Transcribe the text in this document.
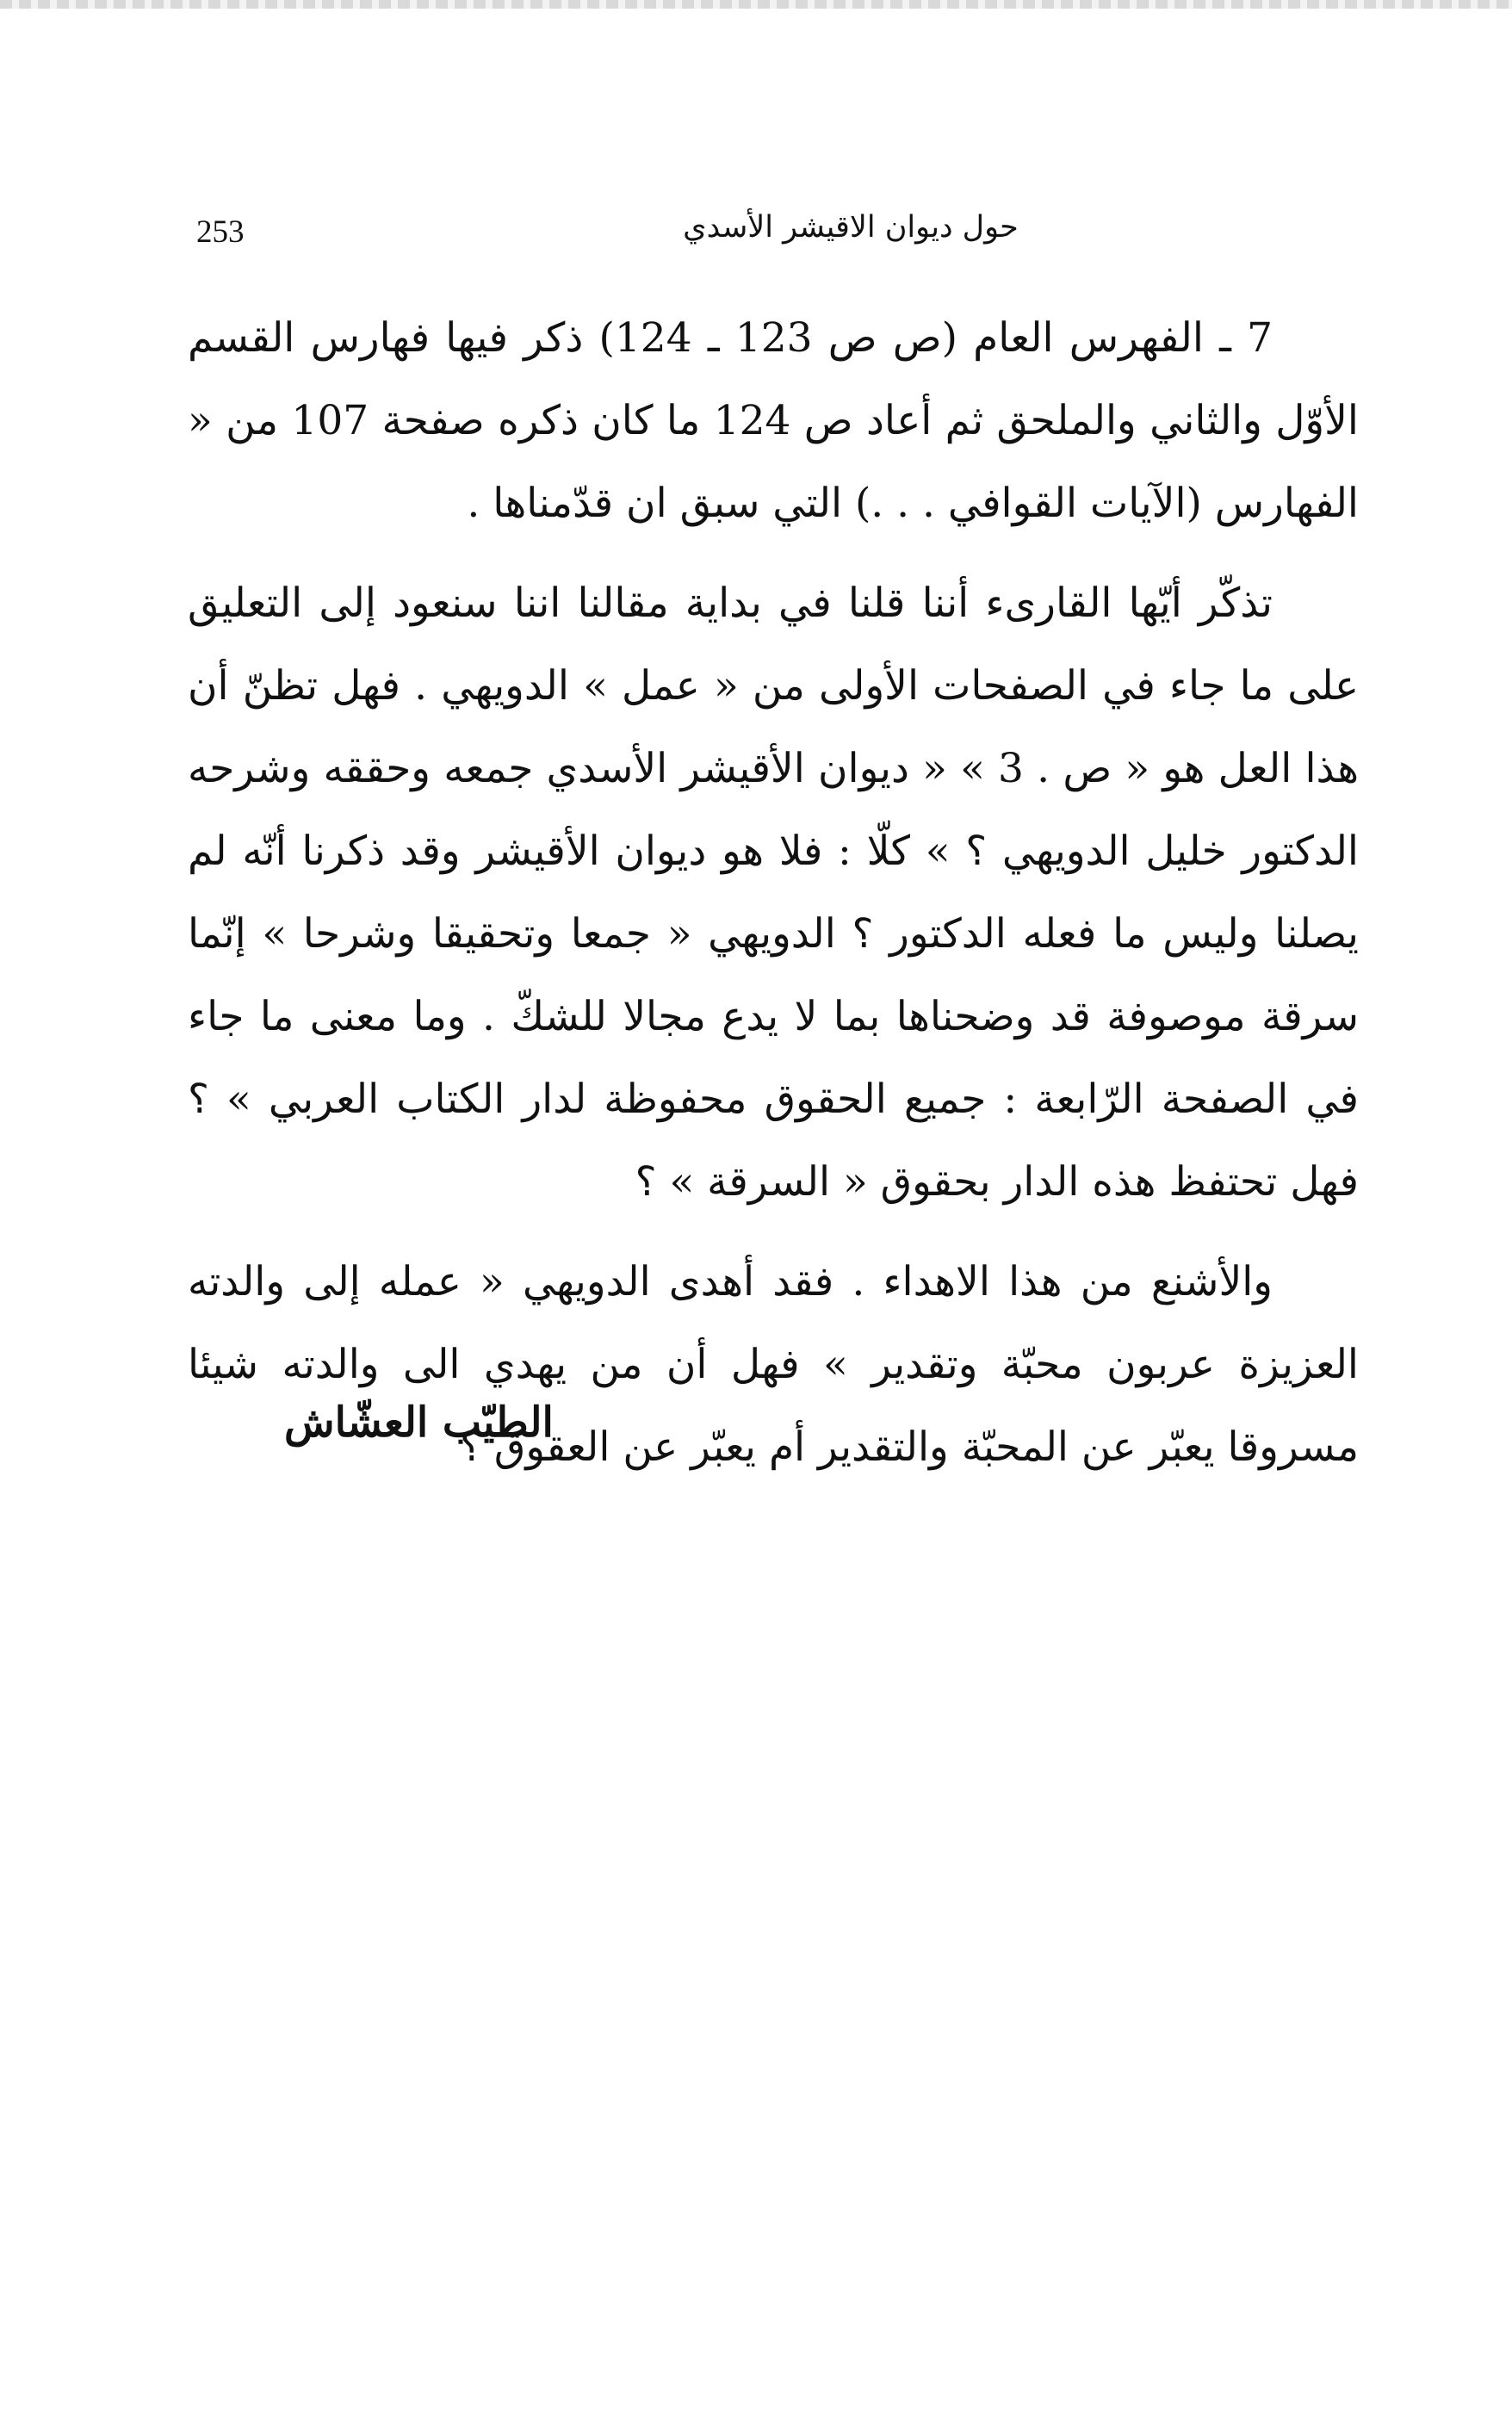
253	حول ديوان الاقيشر الأسدي

7 ـ الفهرس العام (ص ص 123 ـ 124) ذكر فيها فهارس القسم الأوّل والثاني والملحق ثم أعاد ص 124 ما كان ذكره صفحة 107 من « الفهارس (الآيات القوافي . . .) التي سبق ان قدّمناها .

تذكّر أيّها القارىء أننا قلنا في بداية مقالنا اننا سنعود إلى التعليق على ما جاء في الصفحات الأولى من « عمل » الدويهي . فهل تظنّ أن هذا العل هو « ص . 3 » « ديوان الأقيشر الأسدي جمعه وحققه وشرحه الدكتور خليل الدويهي ؟ » كلّا : فلا هو ديوان الأقيشر وقد ذكرنا أنّه لم يصلنا وليس ما فعله الدكتور ؟ الدويهي « جمعا وتحقيقا وشرحا » إنّما سرقة موصوفة قد وضحناها بما لا يدع مجالا للشكّ . وما معنى ما جاء في الصفحة الرّابعة : جميع الحقوق محفوظة لدار الكتاب العربي » ؟ فهل تحتفظ هذه الدار بحقوق « السرقة » ؟

والأشنع من هذا الاهداء . فقد أهدى الدويهي « عمله إلى والدته العزيزة عربون محبّة وتقدير » فهل أن من يهدي الى والدته شيئا مسروقا يعبّر عن المحبّة والتقدير أم يعبّر عن العقوق ؟

الطيّب العشّاش
